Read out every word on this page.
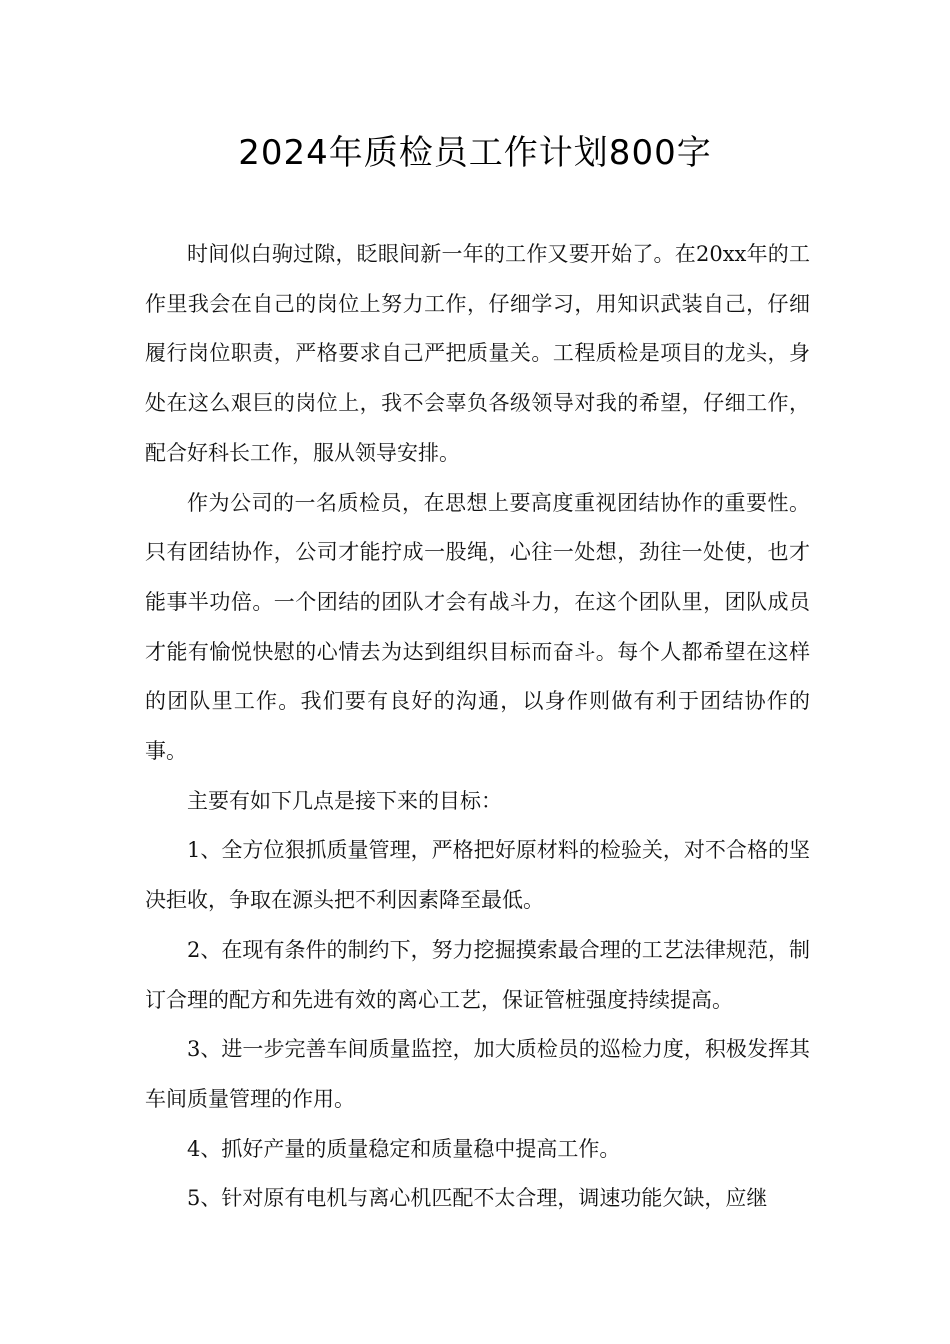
2024年质检员工作计划800字

时间似白驹过隙，眨眼间新一年的工作又要开始了。在20xx年的工作里我会在自己的岗位上努力工作，仔细学习，用知识武装自己，仔细履行岗位职责，严格要求自己严把质量关。工程质检是项目的龙头，身处在这么艰巨的岗位上，我不会辜负各级领导对我的希望，仔细工作，配合好科长工作，服从领导安排。

作为公司的一名质检员，在思想上要高度重视团结协作的重要性。只有团结协作，公司才能拧成一股绳，心往一处想，劲往一处使，也才能事半功倍。一个团结的团队才会有战斗力，在这个团队里，团队成员才能有愉悦快慰的心情去为达到组织目标而奋斗。每个人都希望在这样的团队里工作。我们要有良好的沟通，以身作则做有利于团结协作的事。

主要有如下几点是接下来的目标：

1、全方位狠抓质量管理，严格把好原材料的检验关，对不合格的坚决拒收，争取在源头把不利因素降至最低。

2、在现有条件的制约下，努力挖掘摸索最合理的工艺法律规范，制订合理的配方和先进有效的离心工艺，保证管桩强度持续提高。

3、进一步完善车间质量监控，加大质检员的巡检力度，积极发挥其车间质量管理的作用。

4、抓好产量的质量稳定和质量稳中提高工作。

5、针对原有电机与离心机匹配不太合理，调速功能欠缺，应继
